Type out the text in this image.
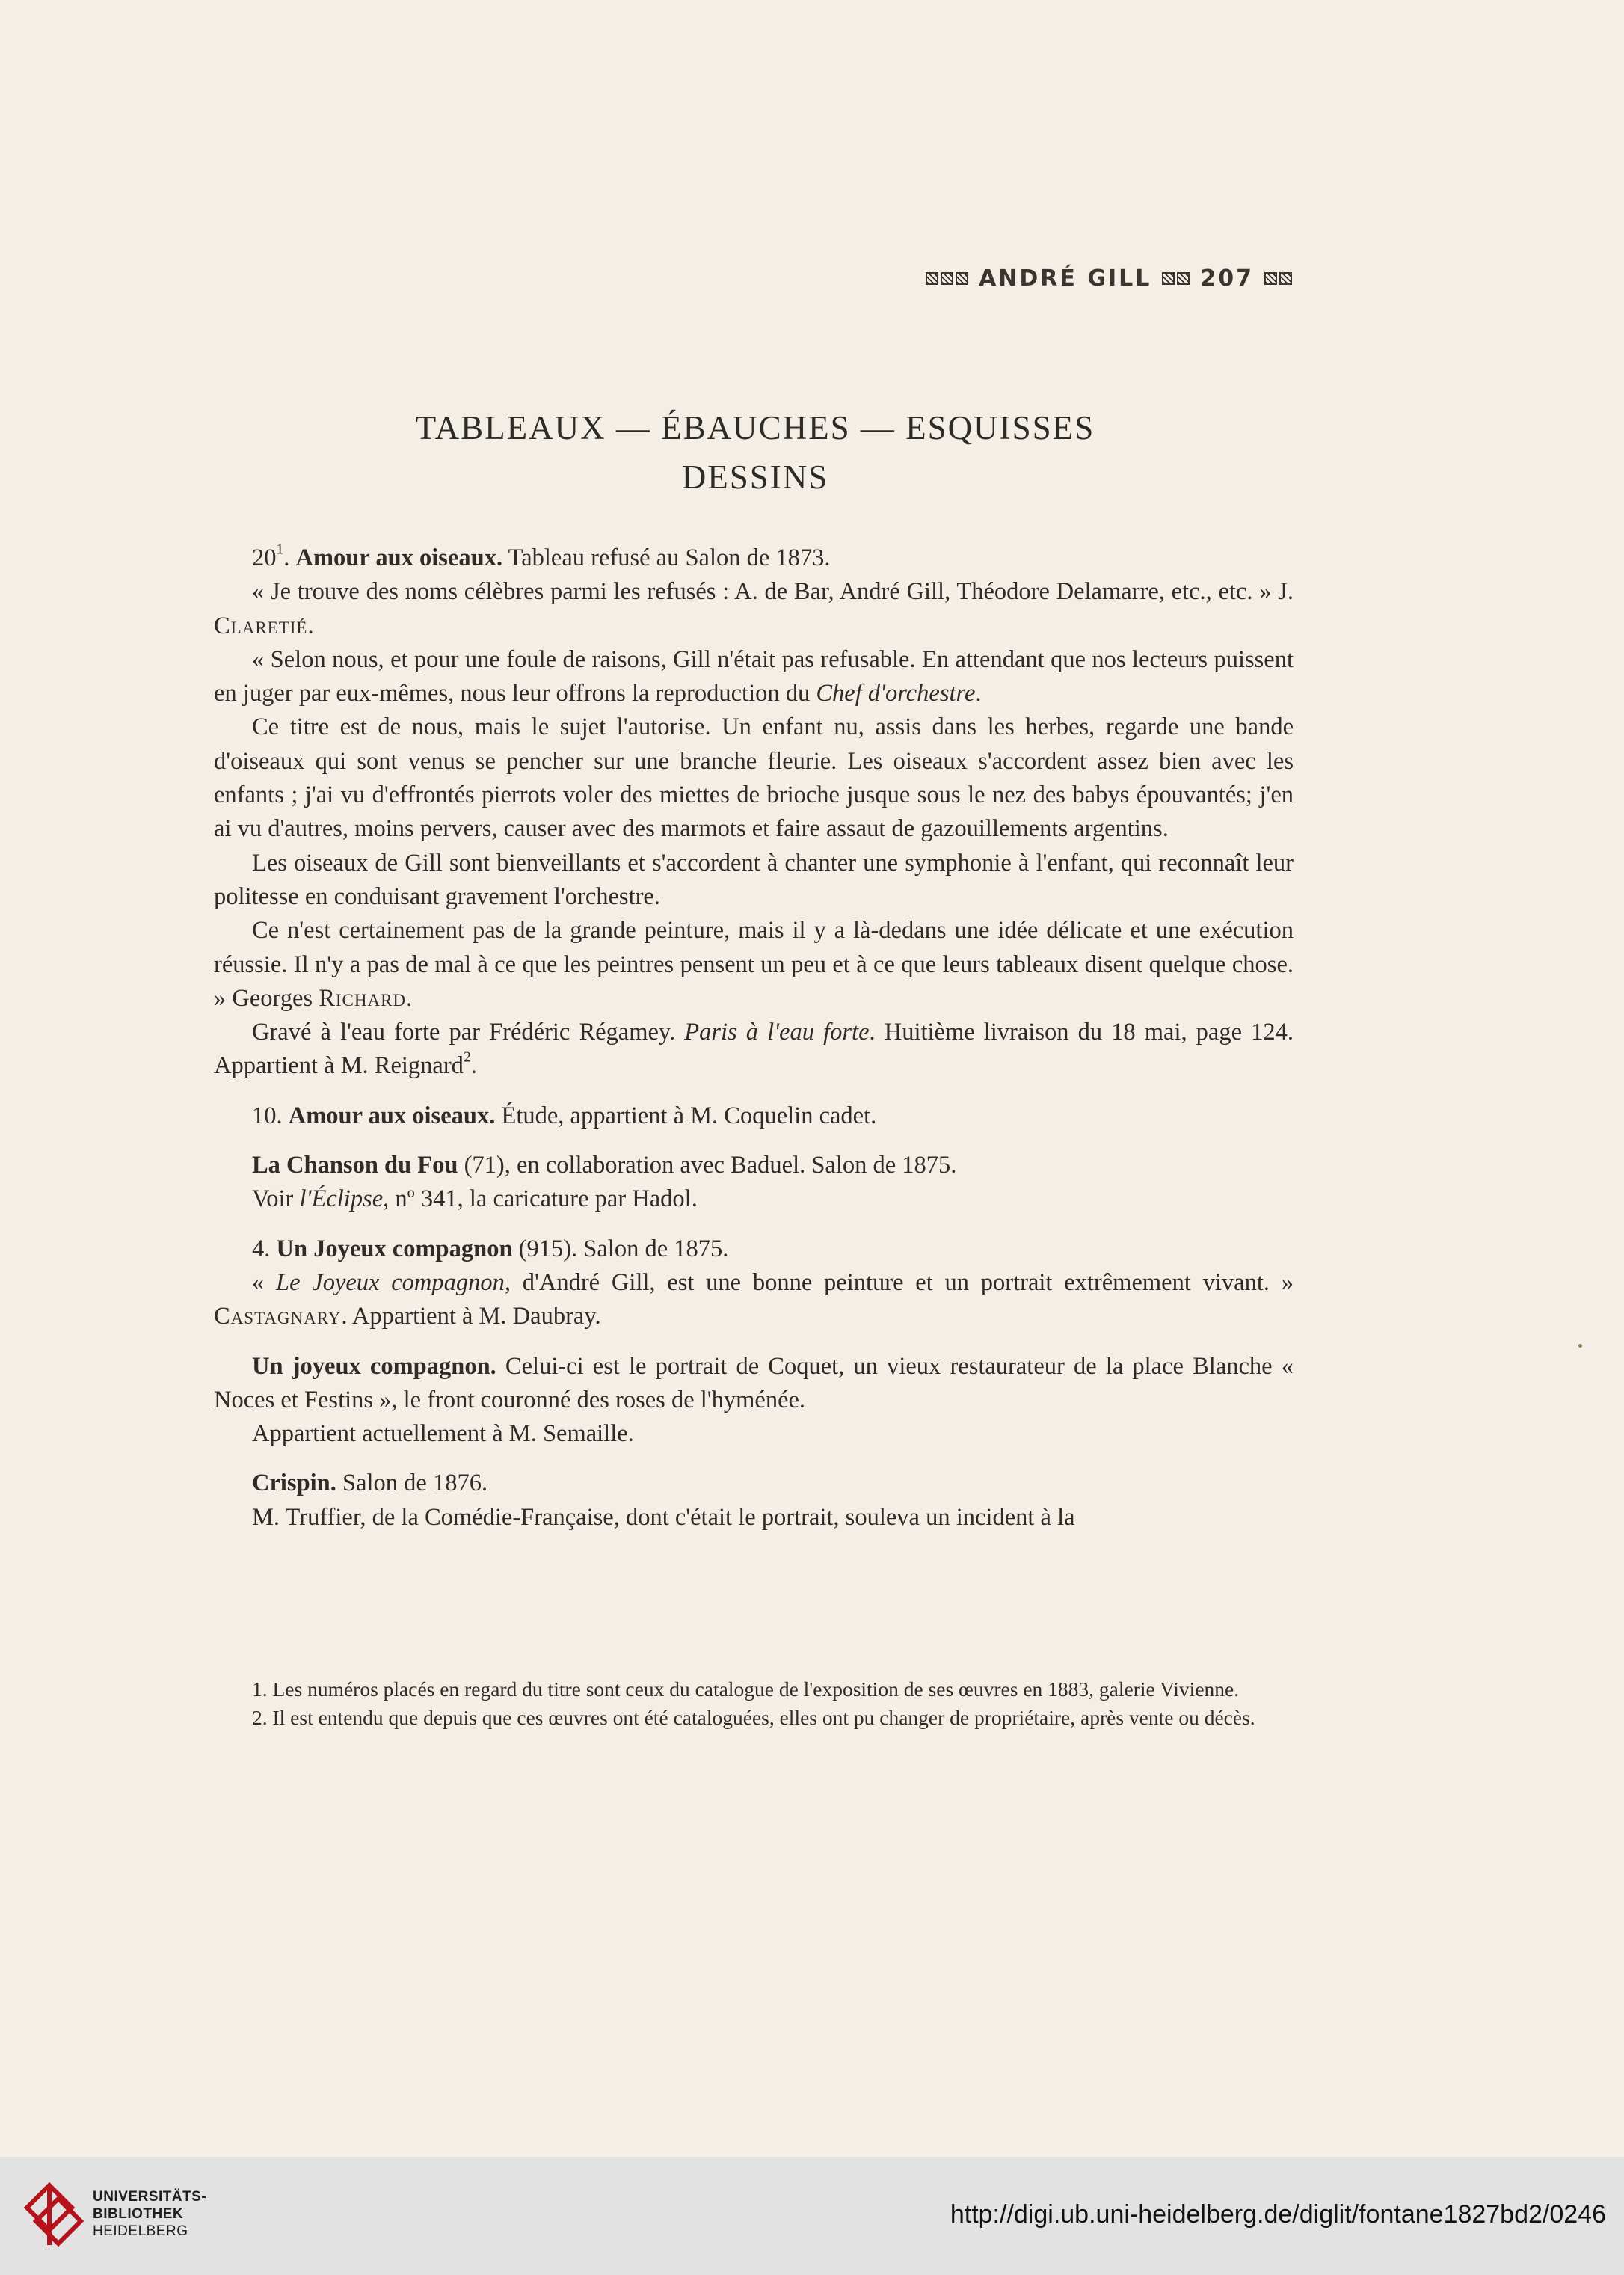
ANDRÉ GILL 207
TABLEAUX — ÉBAUCHES — ESQUISSES
DESSINS

$20^1$. Amour aux oiseaux. Tableau refusé au Salon de 1873.

« Je trouve des noms célèbres parmi les refusés : A. de Bar, André Gill, Théodore Delamarre, etc., etc. » J. Claretié.

« Selon nous, et pour une foule de raisons, Gill n'était pas refusable. En attendant que nos lecteurs puissent en juger par eux-mêmes, nous leur offrons la reproduction du Chef d'orchestre.

Ce titre est de nous, mais le sujet l'autorise. Un enfant nu, assis dans les herbes, regarde une bande d'oiseaux qui sont venus se pencher sur une branche fleurie. Les oiseaux s'accordent assez bien avec les enfants ; j'ai vu d'effrontés pierrots voler des miettes de brioche jusque sous le nez des babys épouvantés; j'en ai vu d'autres, moins pervers, causer avec des marmots et faire assaut de gazouillements argentins.

Les oiseaux de Gill sont bienveillants et s'accordent à chanter une symphonie à l'enfant, qui reconnaît leur politesse en conduisant gravement l'orchestre.

Ce n'est certainement pas de la grande peinture, mais il y a là-dedans une idée délicate et une exécution réussie. Il n'y a pas de mal à ce que les peintres pensent un peu et à ce que leurs tableaux disent quelque chose. » Georges Richard.

Gravé à l'eau forte par Frédéric Régamey. Paris à l'eau forte. Huitième livraison du 18 mai, page 124. Appartient à M. Reignard$^2$.

10. Amour aux oiseaux. Étude, appartient à M. Coquelin cadet.

La Chanson du Fou (71), en collaboration avec Baduel. Salon de 1875.

Voir l'Éclipse, nº 341, la caricature par Hadol.

4. Un Joyeux compagnon (915). Salon de 1875.

« Le Joyeux compagnon, d'André Gill, est une bonne peinture et un portrait extrêmement vivant. » Castagnary. Appartient à M. Daubray.

Un joyeux compagnon. Celui-ci est le portrait de Coquet, un vieux restaurateur de la place Blanche « Noces et Festins », le front couronné des roses de l'hyménée.

Appartient actuellement à M. Semaille.

Crispin. Salon de 1876.

M. Truffier, de la Comédie-Française, dont c'était le portrait, souleva un incident à la

1. Les numéros placés en regard du titre sont ceux du catalogue de l'exposition de ses œuvres en 1883, galerie Vivienne.

2. Il est entendu que depuis que ces œuvres ont été cataloguées, elles ont pu changer de propriétaire, après vente ou décès.

UNIVERSITÄTS-
BIBLIOTHEK
HEIDELBERG
http://digi.ub.uni-heidelberg.de/diglit/fontane1827bd2/0246
